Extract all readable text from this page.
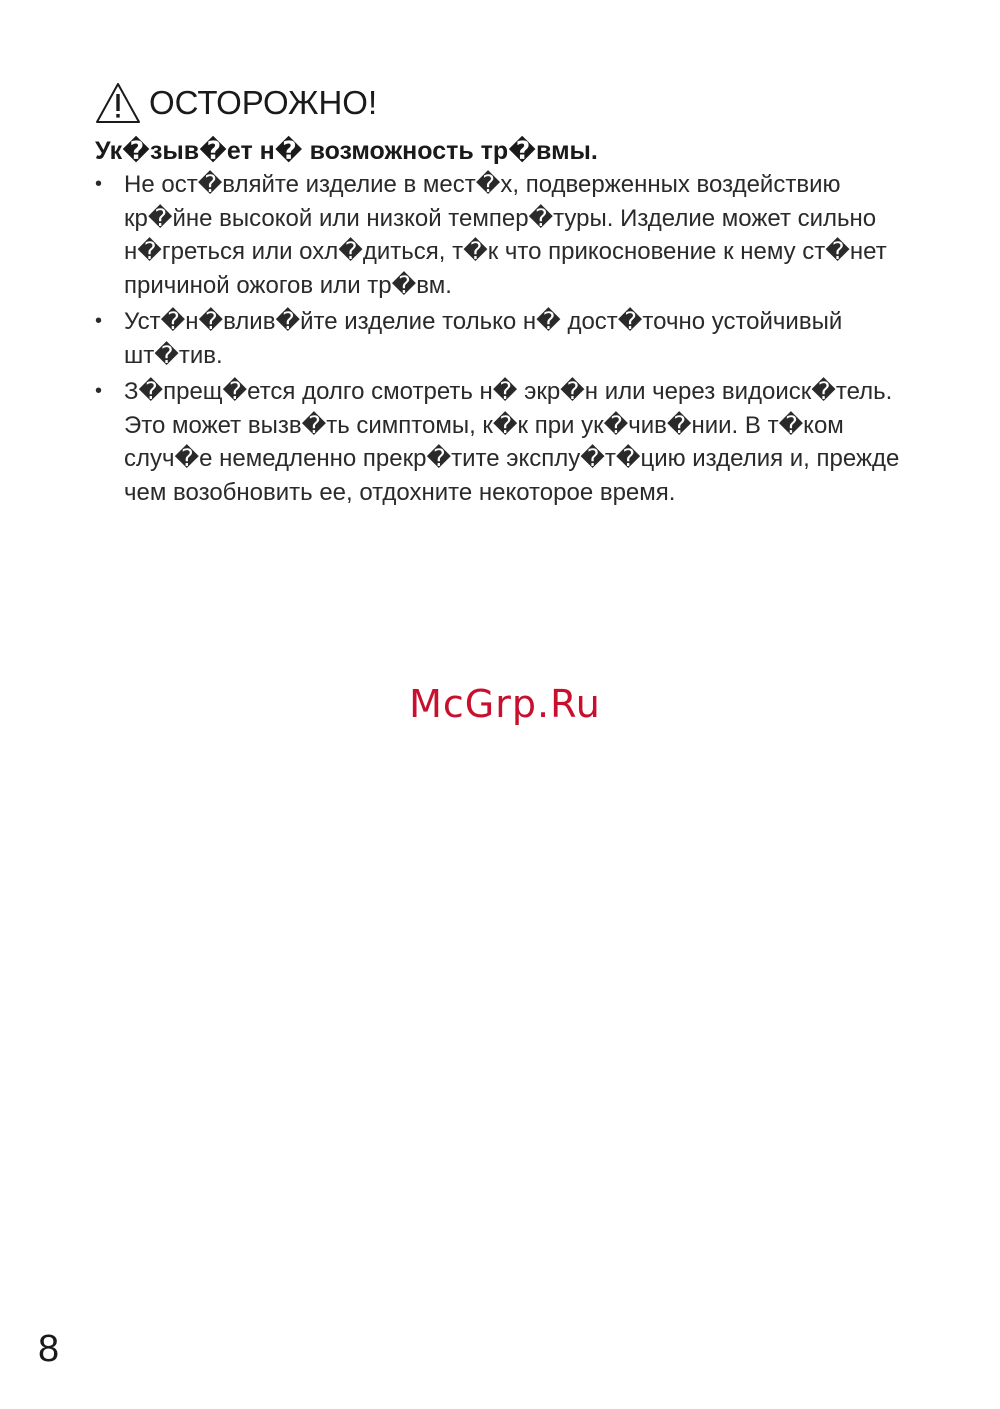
ОСТОРОЖНО!
Ук�зыв�ет н� возможность тр�вмы.
• Не ост�вляйте изделие в мест�х, подверженных воздействию кр�йне высокой или низкой темпер�туры. Изделие может сильно н�греться или охл�диться, т�к что прикосновение к нему ст�нет причиной ожогов или тр�вм.
• Уст�н�влив�йте изделие только н� дост�точно устойчивый шт�тив.
• З�прещ�ется долго смотреть н� экр�н или через видоиск�тель. Это может вызв�ть симптомы, к�к при ук�чив�нии. В т�ком случ�е немедленно прекр�тите эксплу�т�цию изделия и, прежде чем возобновить ее, отдохните некоторое время.
McGrp.Ru
8
